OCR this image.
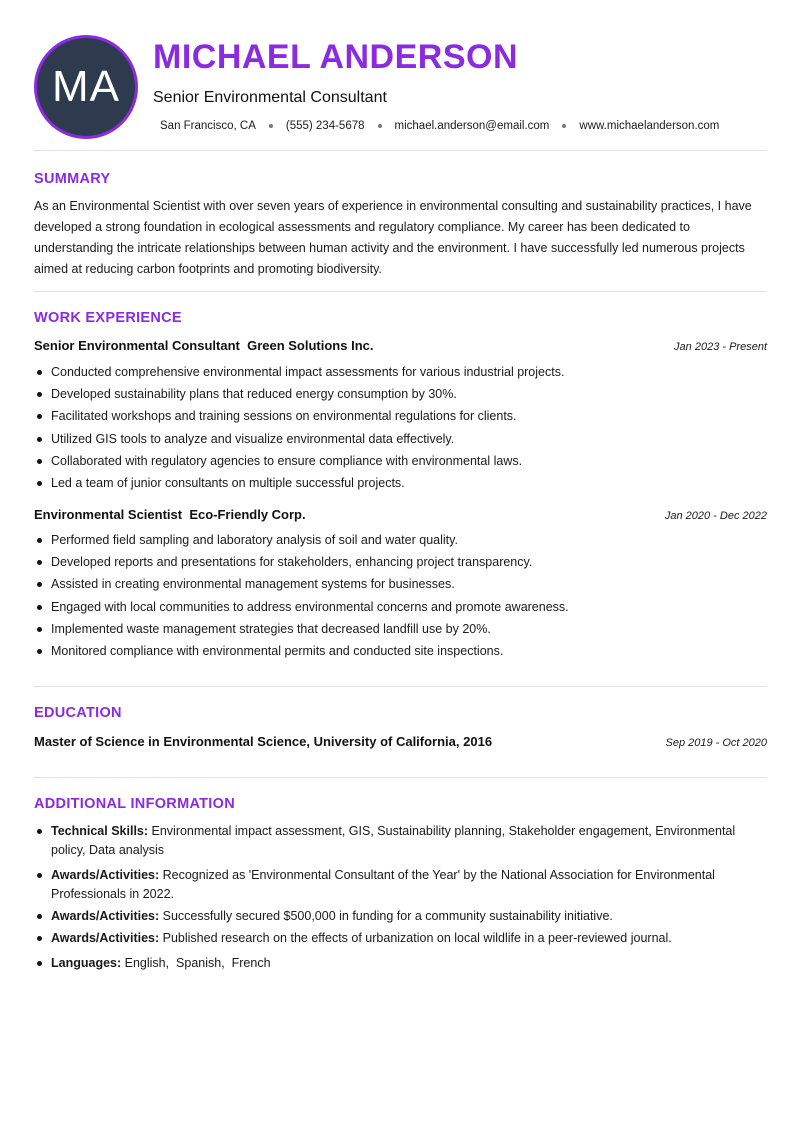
MA
MICHAEL ANDERSON
Senior Environmental Consultant
San Francisco, CA	(555) 234-5678	michael.anderson@email.com	www.michaelanderson.com
SUMMARY

As an Environmental Scientist with over seven years of experience in environmental consulting and sustainability practices, I have developed a strong foundation in ecological assessments and regulatory compliance. My career has been dedicated to understanding the intricate relationships between human activity and the environment. I have successfully led numerous projects aimed at reducing carbon footprints and promoting biodiversity.

WORK EXPERIENCE
Senior Environmental Consultant  Green Solutions Inc.	Jan 2023 - Present
Conducted comprehensive environmental impact assessments for various industrial projects.
Developed sustainability plans that reduced energy consumption by 30%.
Facilitated workshops and training sessions on environmental regulations for clients.
Utilized GIS tools to analyze and visualize environmental data effectively.
Collaborated with regulatory agencies to ensure compliance with environmental laws.
Led a team of junior consultants on multiple successful projects.
Environmental Scientist  Eco-Friendly Corp.	Jan 2020 - Dec 2022
Performed field sampling and laboratory analysis of soil and water quality.
Developed reports and presentations for stakeholders, enhancing project transparency.
Assisted in creating environmental management systems for businesses.
Engaged with local communities to address environmental concerns and promote awareness.
Implemented waste management strategies that decreased landfill use by 20%.
Monitored compliance with environmental permits and conducted site inspections.
EDUCATION
Master of Science in Environmental Science, University of California, 2016	Sep 2019 - Oct 2020
ADDITIONAL INFORMATION
Technical Skills: Environmental impact assessment, GIS, Sustainability planning, Stakeholder engagement, Environmental policy, Data analysis
Awards/Activities: Recognized as 'Environmental Consultant of the Year' by the National Association for Environmental Professionals in 2022.
Awards/Activities: Successfully secured $500,000 in funding for a community sustainability initiative.
Awards/Activities: Published research on the effects of urbanization on local wildlife in a peer-reviewed journal.
Languages: English,  Spanish,  French
